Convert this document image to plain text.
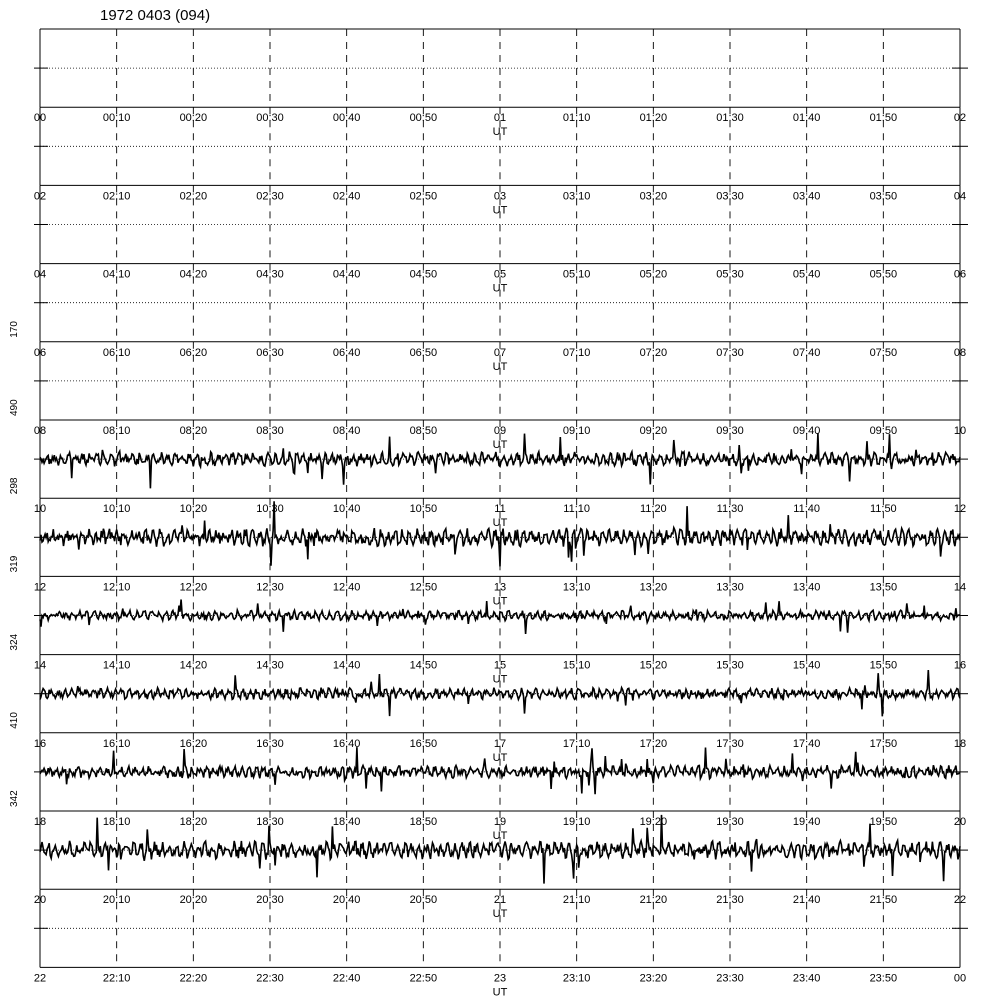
1972 0403 (094)
00	00:10	00:20	00:30	00:40	00:50	01
UT
01:10	01:20	01:30	01:40	01:50	02
02	02:10	02:20	02:30	02:40	02:50	03
UT
03:10	03:20	03:30	03:40	03:50	04
04	04:10	04:20	04:30	04:40	04:50	05
UT
05:10	05:20	05:30	05:40	05:50	06
06	06:10	06:20	06:30	06:40	06:50	07
UT
07:10	07:20	07:30	07:40	07:50	08
170
08	08:10	08:20	08:30	08:40	08:50	09
UT
09:10	09:20	09:30	09:40	09:50	10
490
10	10:10	10:20	10:30	10:40	10:50	11
UT
11:10	11:20	11:30	11:40	11:50	12
298
12	12:10	12:20	12:30	12:40	12:50	13
UT
13:10	13:20	13:30	13:40	13:50	14
319
14	14:10	14:20	14:30	14:40	14:50	15
UT
15:10	15:20	15:30	15:40	15:50	16
324
16	16:10	16:20	16:30	16:40	16:50	17
UT
17:10	17:20	17:30	17:40	17:50	18
410
18	18:10	18:20	18:30	18:40	18:50	19
UT
19:10	19:20	19:30	19:40	19:50	20
342
20	20:10	20:20	20:30	20:40	20:50	21
UT
21:10	21:20	21:30	21:40	21:50	22
22	22:10	22:20	22:30	22:40	22:50	23
UT
23:10	23:20	23:30	23:40	23:50	00
